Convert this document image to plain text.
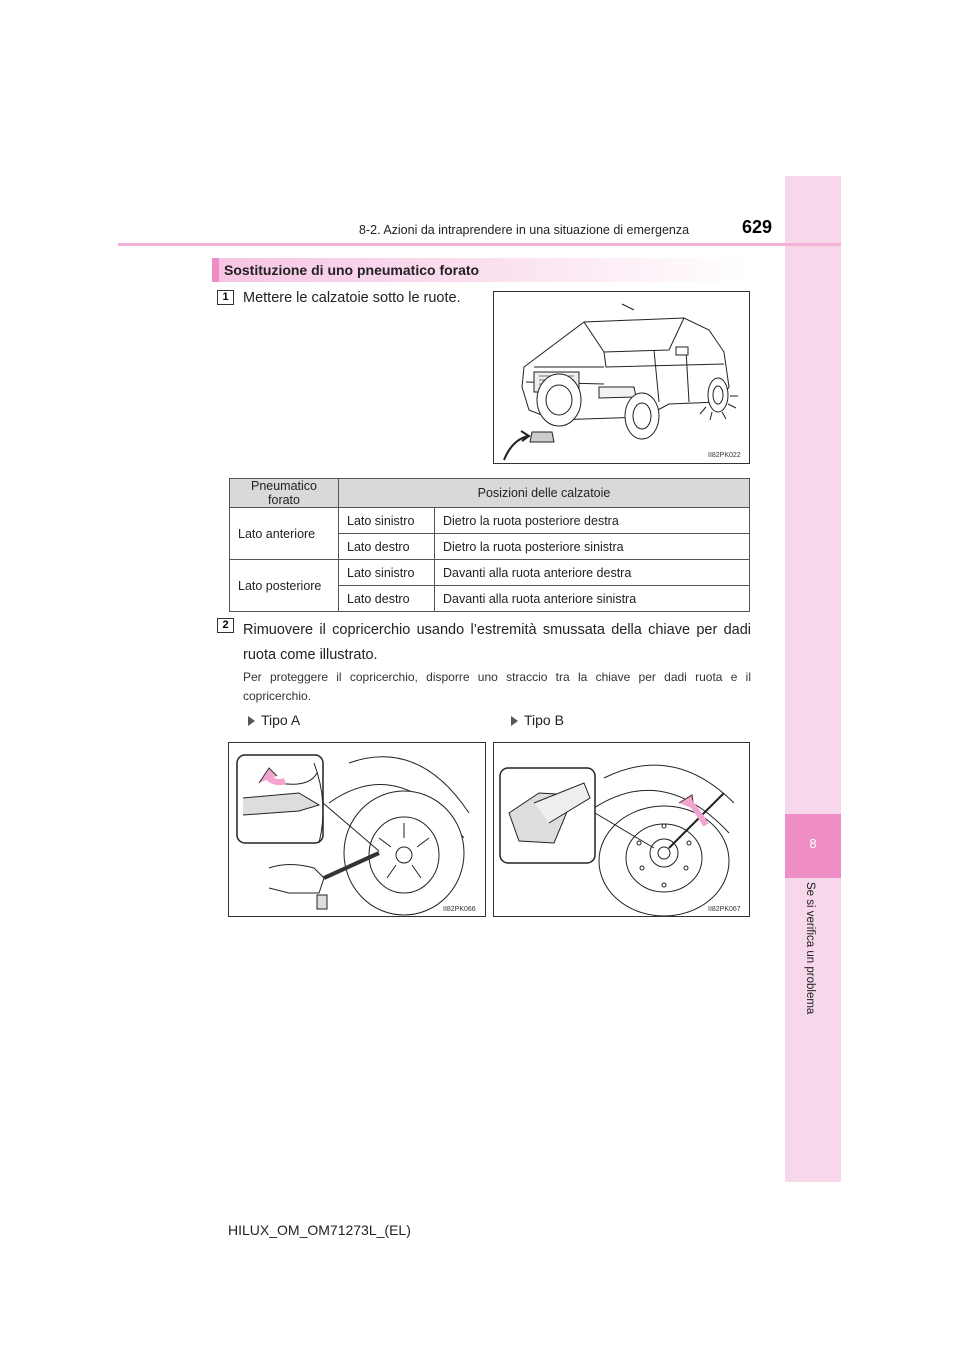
8
Se si verifica un problema
8-2. Azioni da intraprendere in una situazione di emergenza	629
Sostituzione di uno pneumatico forato
1 Mettere le calzatoie sotto le ruote.
II82PK022
Pneumatico forato	Posizioni delle calzatoie	
Lato anteriore	Lato sinistro	Dietro la ruota posteriore destra
	Lato destro	Dietro la ruota posteriore sinistra
Lato posteriore	Lato sinistro	Davanti alla ruota anteriore destra
	Lato destro	Davanti alla ruota anteriore sinistra
2 Rimuovere il copricerchio usando l’estremità smussata della chiave per dadi ruota come illustrato.
Per proteggere il copricerchio, disporre uno straccio tra la chiave per dadi ruota e il copricerchio.
Tipo A	Tipo B
II82PK066	II82PK067
HILUX_OM_OM71273L_(EL)
